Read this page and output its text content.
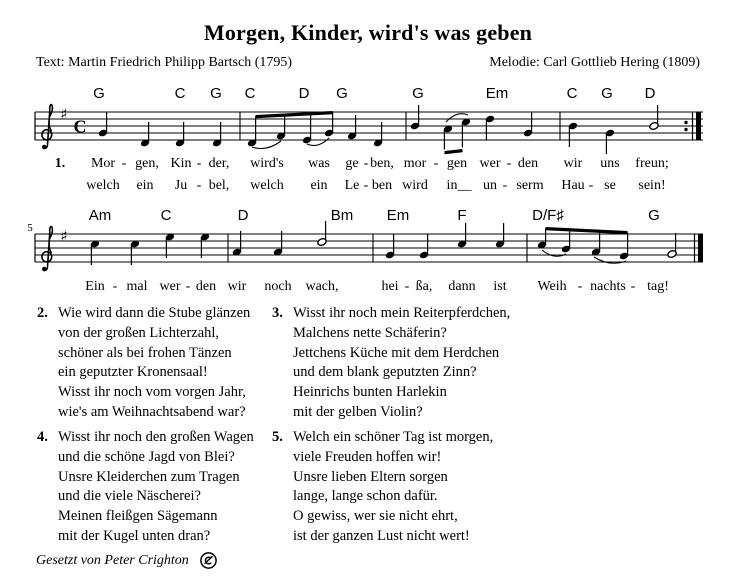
Morgen, Kinder, wird's was geben
Text: Martin Friedrich Philipp Bartsch (1795)	Melodie: Carl Gottlieb Hering (1809)
♯
C
♯
5
G	C G C	D G	G	Em	C G D
1. Mor - gen, Kin - der, wird's was ge - ben, mor - gen wer - den wir uns freun;
welch ein Ju - bel, welch ein Le - ben wird in__ un - serm Hau - se sein!
Am	C	D	Bm Em	F	D/F♯	G
Ein - mal wer - den wir noch wach,	hei - ßa, dann ist Weih - nachts - tag!
2. Wie wird dann die Stube glänzen
von der großen Lichterzahl,
schöner als bei frohen Tänzen
ein geputzter Kronensaal!
Wisst ihr noch vom vorgen Jahr,
wie's am Weihnachtsabend war?
3. Wisst ihr noch mein Reiterpferdchen,
Malchens nette Schäferin?
Jettchens Küche mit dem Herdchen
und dem blank geputzten Zinn?
Heinrichs bunten Harlekin
mit der gelben Violin?
4. Wisst ihr noch den großen Wagen
und die schöne Jagd von Blei?
Unsre Kleiderchen zum Tragen
und die viele Näscherei?
Meinen fleißgen Sägemann
mit der Kugel unten dran?
5. Welch ein schöner Tag ist morgen,
viele Freuden hoffen wir!
Unsre lieben Eltern sorgen
lange, lange schon dafür.
O gewiss, wer sie nicht ehrt,
ist der ganzen Lust nicht wert!
Gesetzt von Peter Crighton
